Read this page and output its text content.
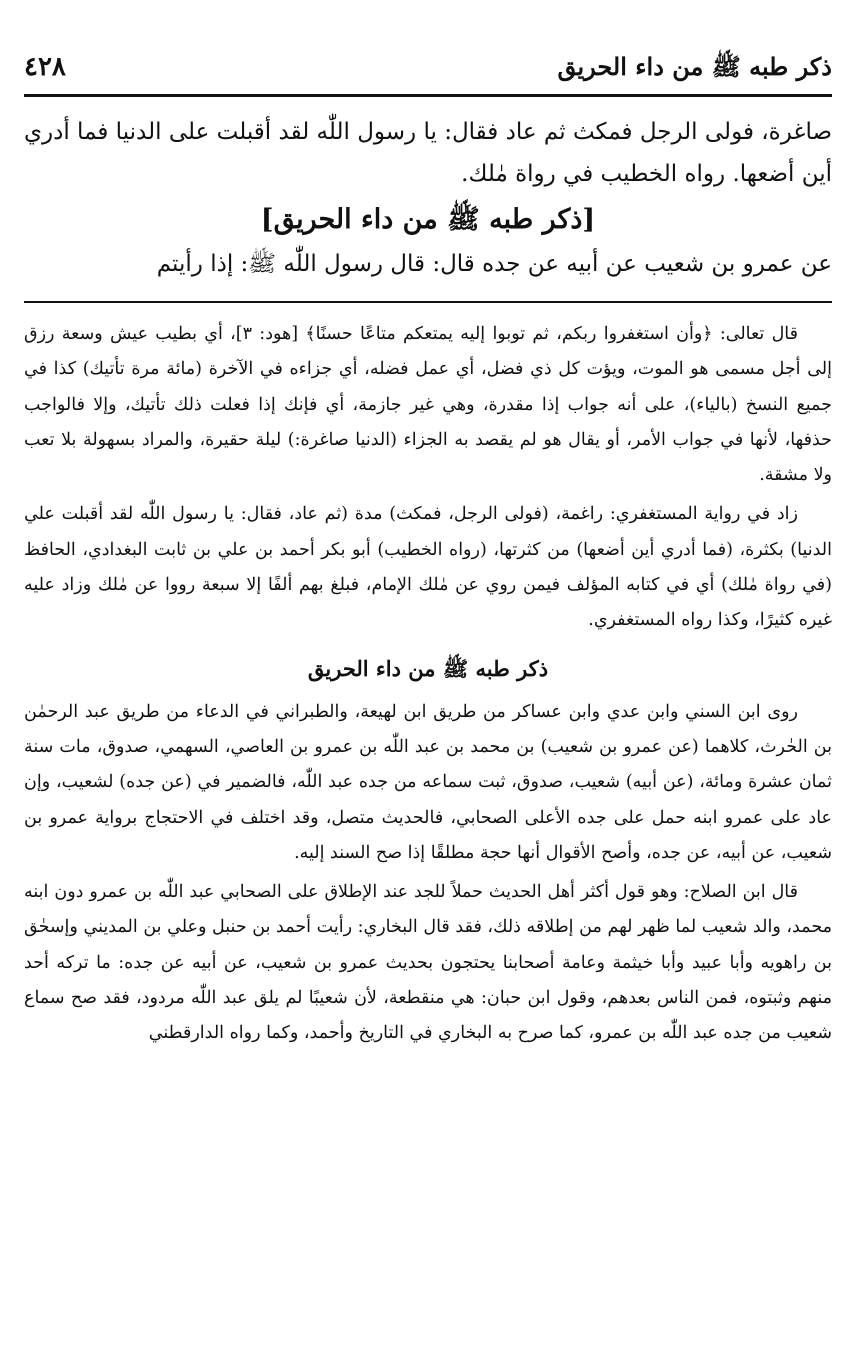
ذكر طبه ﷺ من داء الحريق
٤٢٨

صاغرة، فولى الرجل فمكث ثم عاد فقال: يا رسول اللّٰه لقد أقبلت على الدنيا فما أدري أين أضعها. رواه الخطيب في رواة مٰلك.

[ذكر طبه ﷺ من داء الحريق]

عن عمرو بن شعيب عن أبيه عن جده قال: قال رسول اللّٰه ﷺ: إذا رأيتم

قال تعالى: ﴿وأن استغفروا ربكم، ثم توبوا إليه يمتعكم متاعًا حسنًا﴾ [هود: ٣]، أي بطيب عيش وسعة رزق إلى أجل مسمى هو الموت، ويؤت كل ذي فضل، أي عمل فضله، أي جزاءه في الآخرة (مائة مرة تأتيك) كذا في جميع النسخ (بالياء)، على أنه جواب إذا مقدرة، وهي غير جازمة، أي فإنك إذا فعلت ذلك تأتيك، وإلا فالواجب حذفها، لأنها في جواب الأمر، أو يقال هو لم يقصد به الجزاء (الدنيا صاغرة:) ليلة حقيرة، والمراد بسهولة بلا تعب ولا مشقة.

زاد في رواية المستغفري: راغمة، (فولى الرجل، فمكث) مدة (ثم عاد، فقال: يا رسول اللّٰه لقد أقبلت علي الدنيا) بكثرة، (فما أدري أين أضعها) من كثرتها، (رواه الخطيب) أبو بكر أحمد بن علي بن ثابت البغدادي، الحافظ (في رواة مٰلك) أي في كتابه المؤلف فيمن روي عن مٰلك الإمام، فبلغ بهم ألفًا إلا سبعة رووا عن مٰلك وزاد عليه غيره كثيرًا، وكذا رواه المستغفري.

ذكر طبه ﷺ من داء الحريق

روى ابن السني وابن عدي وابن عساكر من طريق ابن لهيعة، والطبراني في الدعاء من طريق عبد الرحمٰن بن الحٰرث، كلاهما (عن عمرو بن شعيب) بن محمد بن عبد اللّٰه بن عمرو بن العاصي، السهمي، صدوق، مات سنة ثمان عشرة ومائة، (عن أبيه) شعيب، صدوق، ثبت سماعه من جده عبد اللّٰه، فالضمير في (عن جده) لشعيب، وإن عاد على عمرو ابنه حمل على جده الأعلى الصحابي، فالحديث متصل، وقد اختلف في الاحتجاج برواية عمرو بن شعيب، عن أبيه، عن جده، وأصح الأقوال أنها حجة مطلقًا إذا صح السند إليه.

قال ابن الصلاح: وهو قول أكثر أهل الحديث حملاً للجد عند الإطلاق على الصحابي عبد اللّٰه بن عمرو دون ابنه محمد، والد شعيب لما ظهر لهم من إطلاقه ذلك، فقد قال البخاري: رأيت أحمد بن حنبل وعلي بن المديني وإسحٰق بن راهويه وأبا عبيد وأبا خيثمة وعامة أصحابنا يحتجون بحديث عمرو بن شعيب، عن أبيه عن جده: ما تركه أحد منهم وثبتوه، فمن الناس بعدهم، وقول ابن حبان: هي منقطعة، لأن شعيبًا لم يلق عبد اللّٰه مردود، فقد صح سماع شعيب من جده عبد اللّٰه بن عمرو، كما صرح به البخاري في التاريخ وأحمد، وكما رواه الدارقطني
